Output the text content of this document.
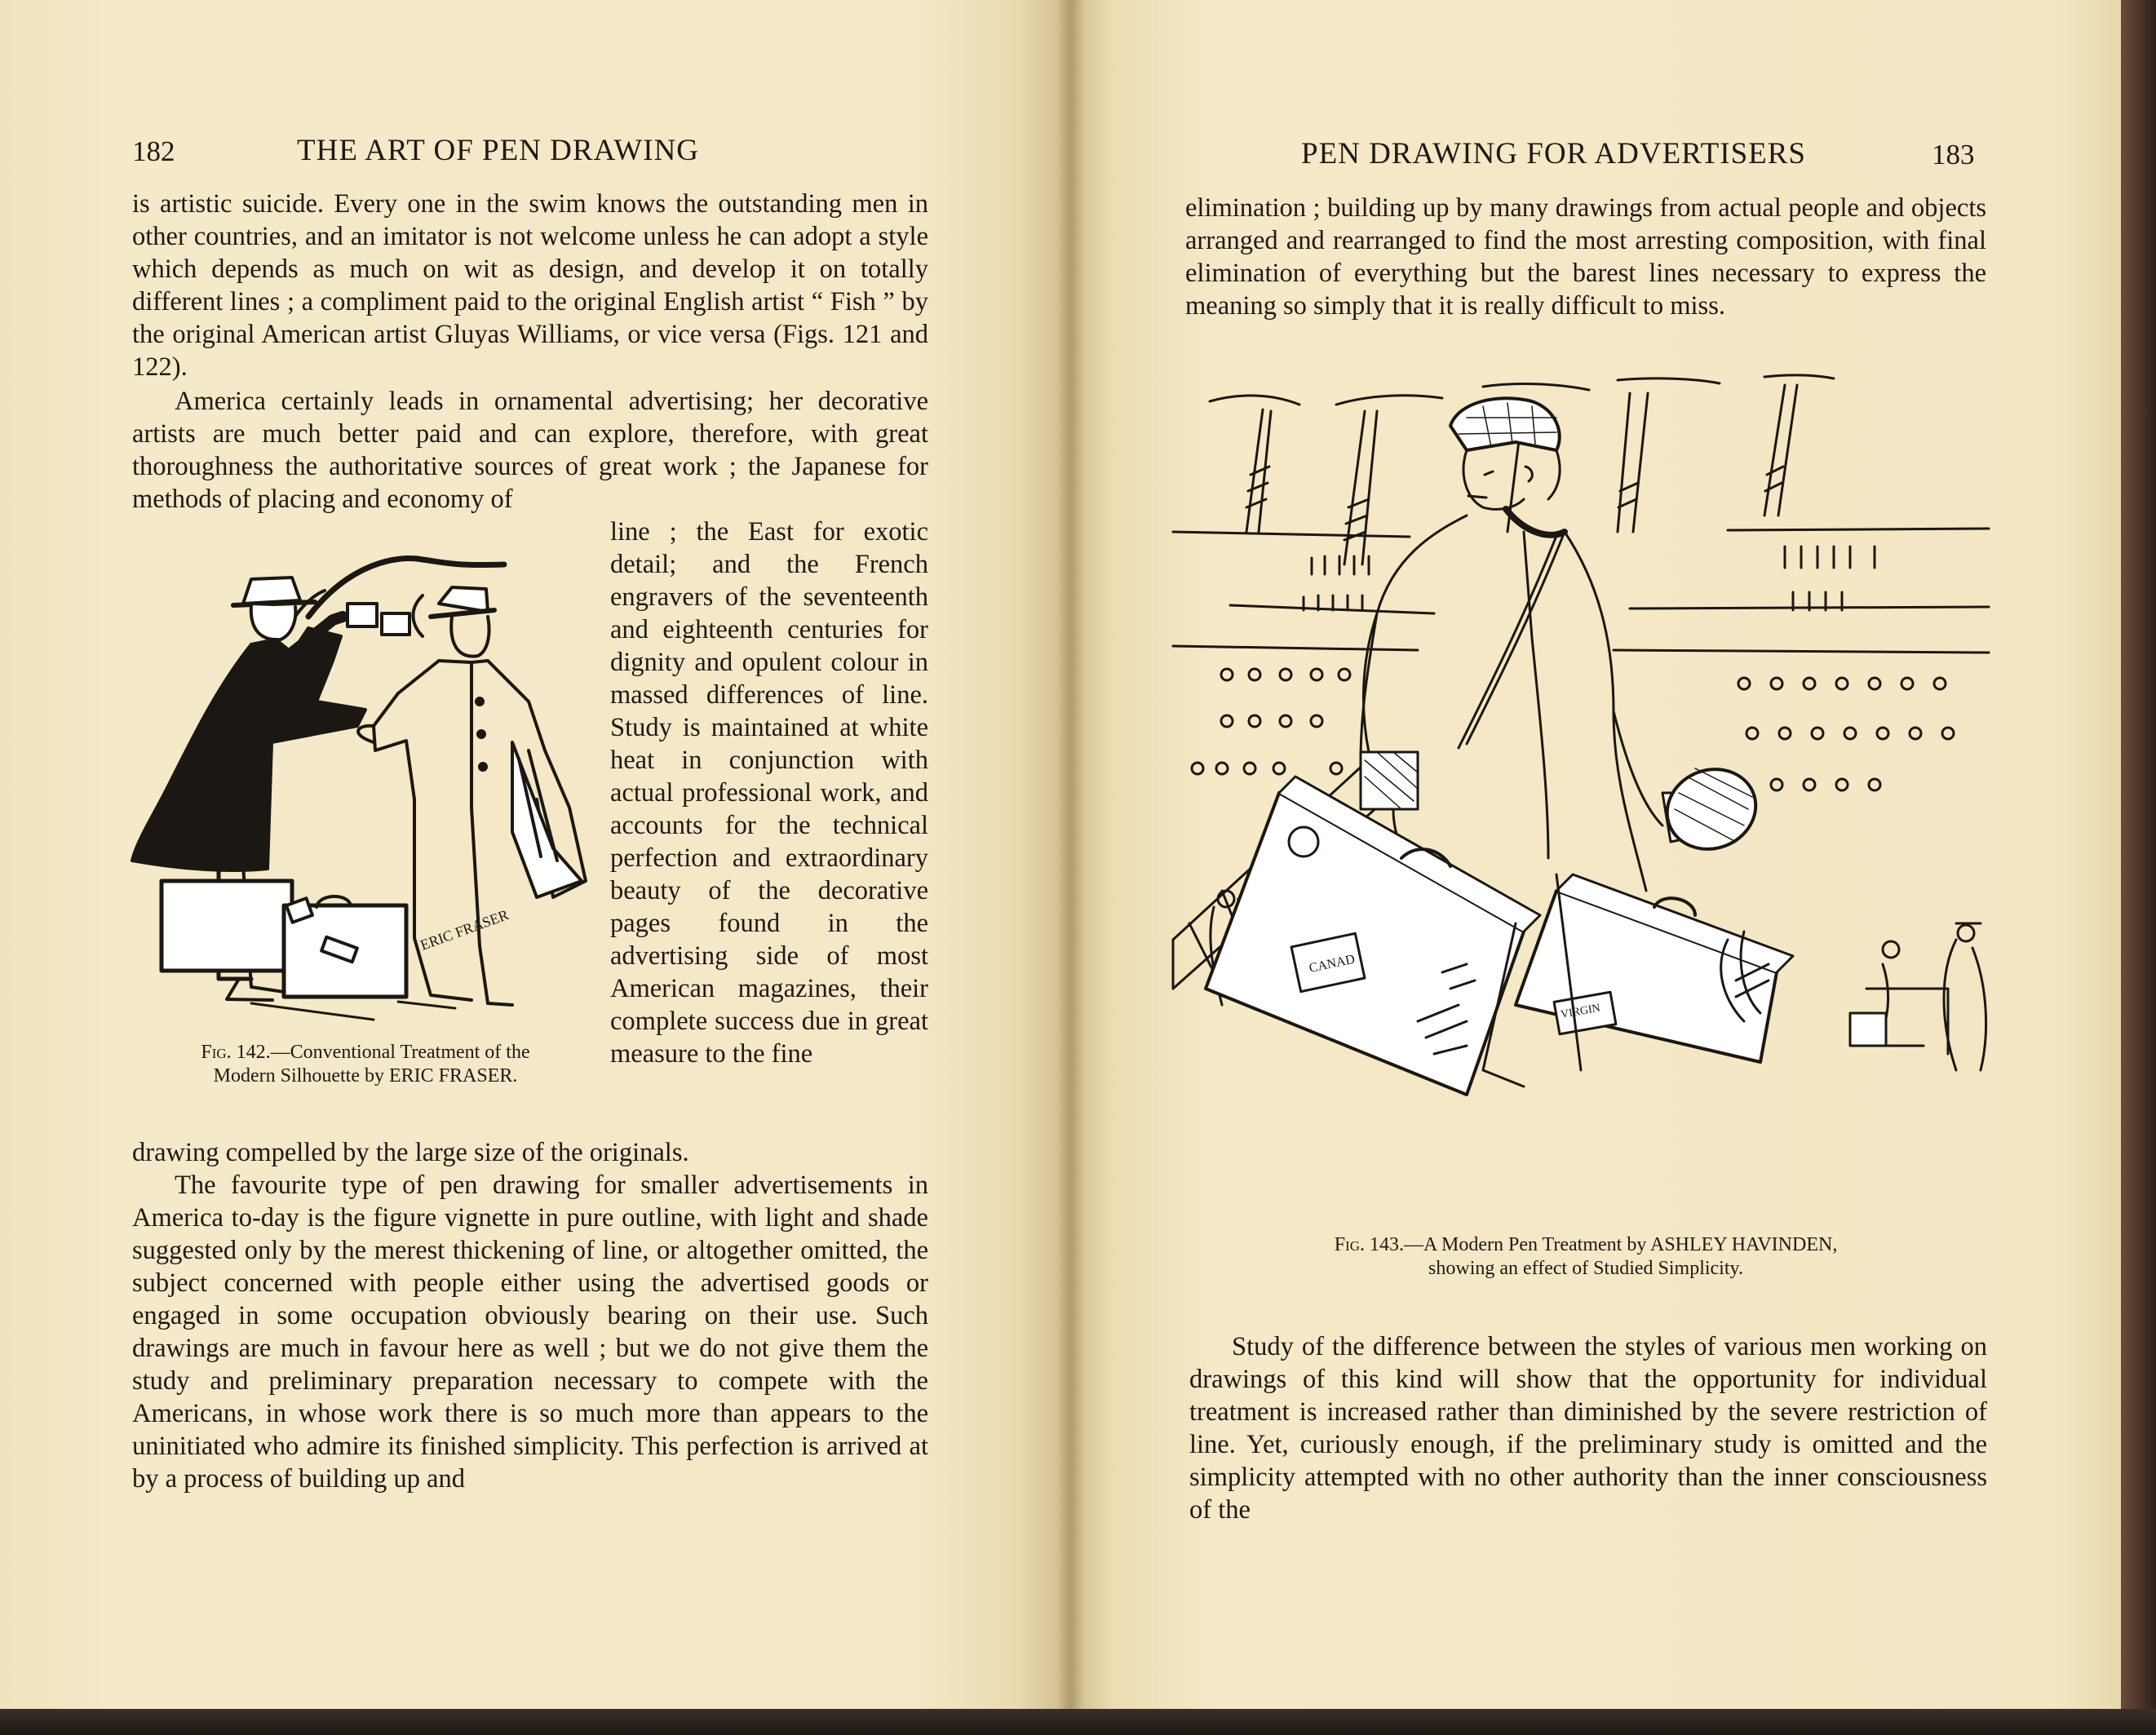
182	THE ART OF PEN DRAWING

is artistic suicide. Every one in the swim knows the outstanding men in other countries, and an imitator is not welcome unless he can adopt a style which depends as much on wit as design, and develop it on totally different lines ; a compliment paid to the original English artist “ Fish ” by the original American artist Gluyas Williams, or vice versa (Figs. 121 and 122).

America certainly leads in ornamental advertising; her decorative artists are much better paid and can explore, therefore, with great thoroughness the authoritative sources of great work ; the Japanese for methods of placing and economy of

line ; the East for exotic detail; and the French engravers of the seventeenth and eighteenth centuries for dignity and opulent colour in massed differences of line. Study is maintained at white heat in conjunction with actual professional work, and accounts for the technical perfection and extraordinary beauty of the decorative pages found in the advertising side of most American magazines, their complete success due in great measure to the fine

drawing compelled by the large size of the originals.

The favourite type of pen drawing for smaller advertisements in America to-day is the figure vignette in pure outline, with light and shade suggested only by the merest thickening of line, or altogether omitted, the subject concerned with people either using the advertised goods or engaged in some occupation obviously bearing on their use. Such drawings are much in favour here as well ; but we do not give them the study and preliminary preparation necessary to compete with the Americans, in whose work there is so much more than appears to the uninitiated who admire its finished simplicity. This perfection is arrived at by a process of building up and

ERIC FRASER
Fig. 142.—Conventional Treatment of the
Modern Silhouette by ERIC FRASER.
PEN DRAWING FOR ADVERTISERS	183

elimination ; building up by many drawings from actual people and objects arranged and rearranged to find the most arresting composition, with final elimination of everything but the barest lines necessary to express the meaning so simply that it is really difficult to miss.

CANAD
VIRGIN
Fig. 143.—A Modern Pen Treatment by ASHLEY HAVINDEN,
showing an effect of Studied Simplicity.

Study of the difference between the styles of various men working on drawings of this kind will show that the opportunity for individual treatment is increased rather than diminished by the severe restriction of line. Yet, curiously enough, if the preliminary study is omitted and the simplicity attempted with no other authority than the inner consciousness of the
